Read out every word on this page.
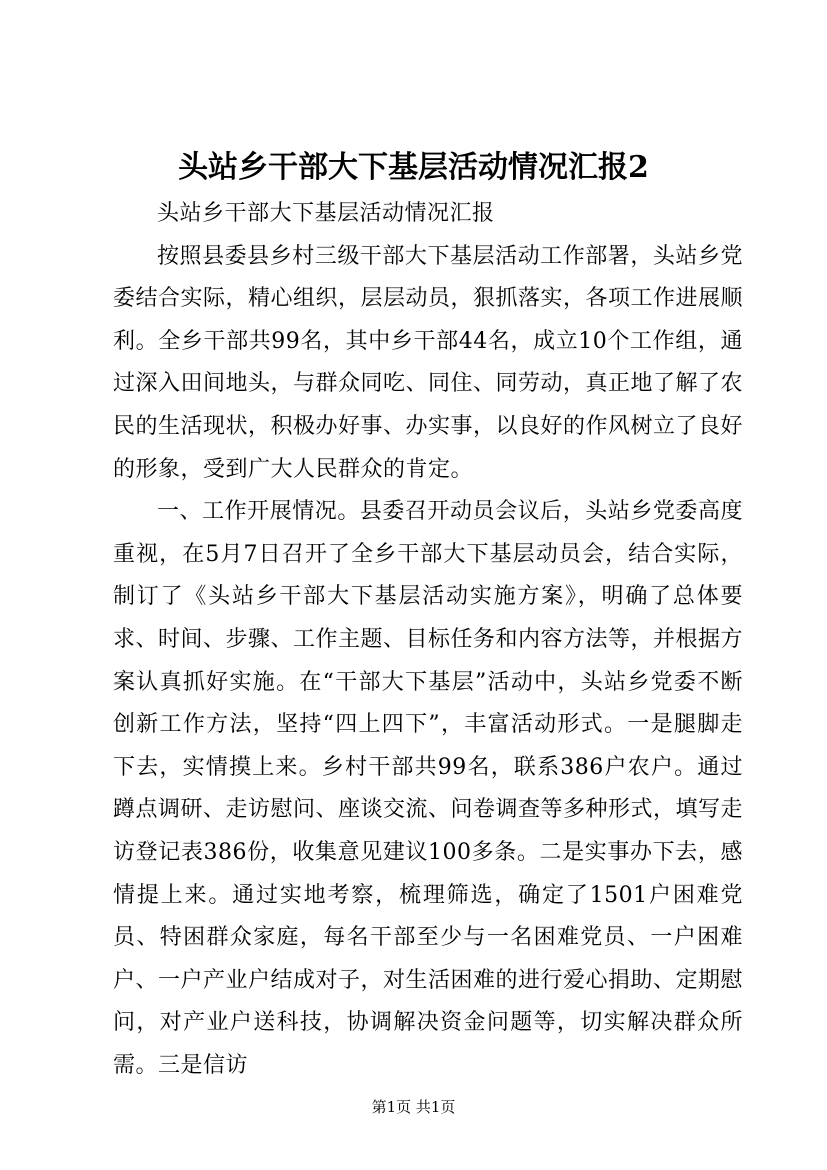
头站乡干部大下基层活动情况汇报2

头站乡干部大下基层活动情况汇报

按照县委县乡村三级干部大下基层活动工作部署，头站乡党委结合实际，精心组织，层层动员，狠抓落实，各项工作进展顺利。全乡干部共99名，其中乡干部44名，成立10个工作组，通过深入田间地头，与群众同吃、同住、同劳动，真正地了解了农民的生活现状，积极办好事、办实事，以良好的作风树立了良好的形象，受到广大人民群众的肯定。

一、工作开展情况。县委召开动员会议后，头站乡党委高度重视，在5月7日召开了全乡干部大下基层动员会，结合实际，制订了《头站乡干部大下基层活动实施方案》，明确了总体要求、时间、步骤、工作主题、目标任务和内容方法等，并根据方案认真抓好实施。在“干部大下基层”活动中，头站乡党委不断创新工作方法，坚持“四上四下”，丰富活动形式。一是腿脚走下去，实情摸上来。乡村干部共99名，联系386户农户。通过蹲点调研、走访慰问、座谈交流、问卷调查等多种形式，填写走访登记表386份，收集意见建议100多条。二是实事办下去，感情提上来。通过实地考察，梳理筛选，确定了1501户困难党员、特困群众家庭，每名干部至少与一名困难党员、一户困难户、一户产业户结成对子，对生活困难的进行爱心捐助、定期慰问，对产业户送科技，协调解决资金问题等，切实解决群众所需。三是信访

第1页 共1页
